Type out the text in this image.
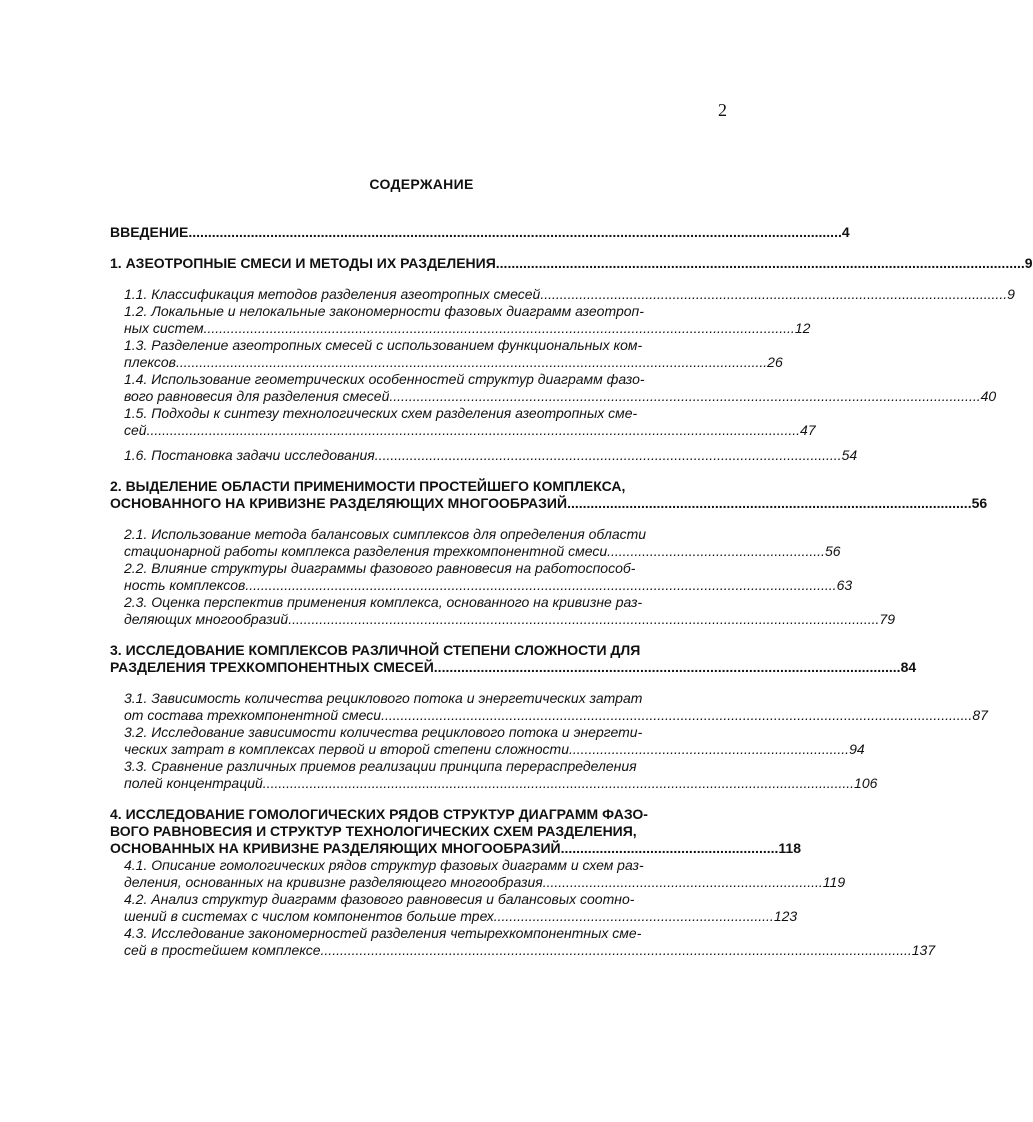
2
СОДЕРЖАНИЕ
ВВЕДЕНИЕ ........................................................................................................................................................................ 4
1. АЗЕОТРОПНЫЕ СМЕСИ И МЕТОДЫ ИХ РАЗДЕЛЕНИЯ ........................................................................................................................................ 9
1.1. Классификация методов разделения азеотропных смесей ........................................................................................................................ 9
1.2. Локальные и нелокальные закономерности фазовых диаграмм азеотроп-
ных систем ........................................................................................................................................................ 12
1.3. Разделение азеотропных смесей с использованием функциональных ком-
плексов ........................................................................................................................................................ 26
1.4. Использование геометрических особенностей структур диаграмм фазо-
вого равновесия для разделения смесей ........................................................................................................................................................ 40
1.5. Подходы к синтезу технологических схем разделения азеотропных сме-
сей ........................................................................................................................................................................ 47
1.6. Постановка задачи исследования ........................................................................................................................ 54
2. ВЫДЕЛЕНИЕ ОБЛАСТИ ПРИМЕНИМОСТИ ПРОСТЕЙШЕГО КОМПЛЕКСА,
ОСНОВАННОГО НА КРИВИЗНЕ РАЗДЕЛЯЮЩИХ МНОГООБРАЗИЙ ........................................................................................................ 56
2.1. Использование метода балансовых симплексов для определения области
стационарной работы комплекса разделения трехкомпонентной смеси ........................................................ 56
2.2. Влияние структуры диаграммы фазового равновесия на работоспособ-
ность комплексов ........................................................................................................................................................ 63
2.3. Оценка перспектив применения комплекса, основанного на кривизне раз-
деляющих многообразий ........................................................................................................................................................ 79
3. ИССЛЕДОВАНИЕ КОМПЛЕКСОВ РАЗЛИЧНОЙ СТЕПЕНИ СЛОЖНОСТИ ДЛЯ
РАЗДЕЛЕНИЯ ТРЕХКОМПОНЕНТНЫХ СМЕСЕЙ ........................................................................................................................ 84
3.1. Зависимость количества рециклового потока и энергетических затрат
от состава трехкомпонентной смеси ........................................................................................................................................................ 87
3.2. Исследование зависимости количества рециклового потока и энергети-
ческих затрат в комплексах первой и второй степени сложности ........................................................................ 94
3.3. Сравнение различных приемов реализации принципа перераспределения
полей концентраций ........................................................................................................................................................ 106
4. ИССЛЕДОВАНИЕ ГОМОЛОГИЧЕСКИХ РЯДОВ СТРУКТУР ДИАГРАММ ФАЗО-
ВОГО РАВНОВЕСИЯ И СТРУКТУР ТЕХНОЛОГИЧЕСКИХ СХЕМ РАЗДЕЛЕНИЯ,
ОСНОВАННЫХ НА КРИВИЗНЕ РАЗДЕЛЯЮЩИХ МНОГООБРАЗИЙ ........................................................ 118
4.1. Описание гомологических рядов структур фазовых диаграмм и схем раз-
деления, основанных на кривизне разделяющего многообразия ........................................................................ 119
4.2. Анализ структур диаграмм фазового равновесия и балансовых соотно-
шений в системах с числом компонентов больше трех ........................................................................ 123
4.3. Исследование закономерностей разделения четырехкомпонентных сме-
сей в простейшем комплексе ........................................................................................................................................................ 137
